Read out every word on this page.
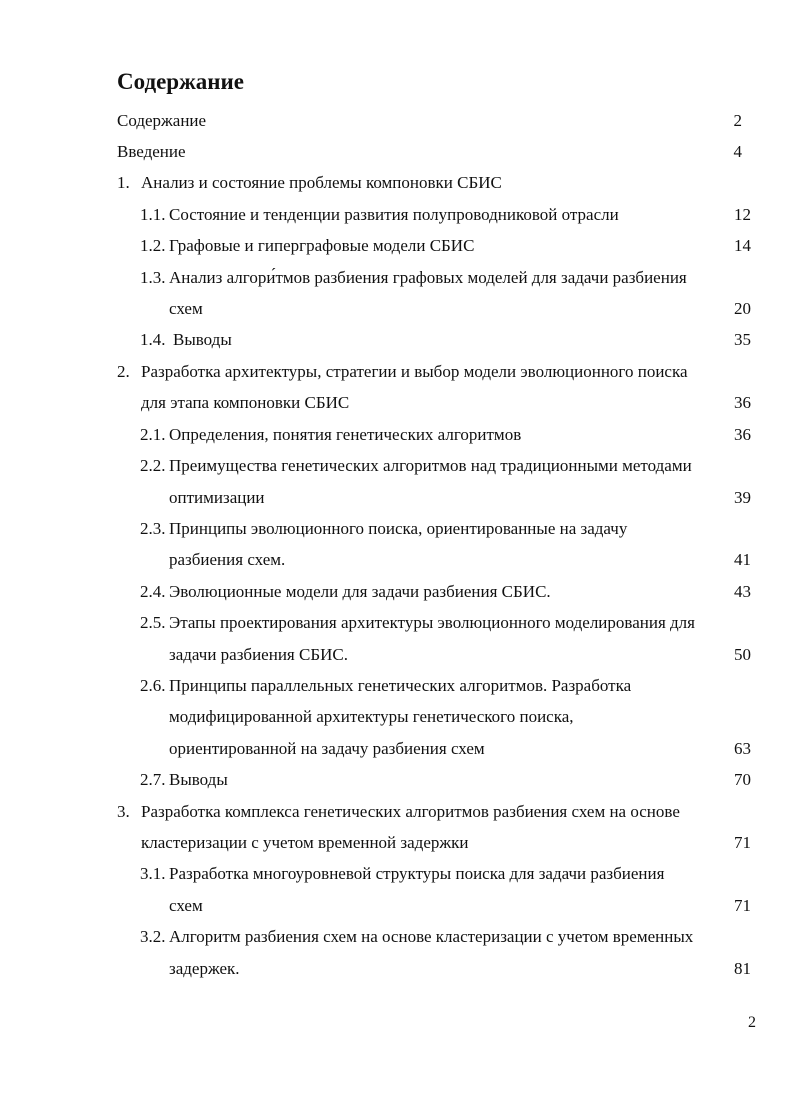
Содержание
Содержание	2
Введение	4
1. Анализ и состояние проблемы компоновки СБИС
1.1. Состояние и тенденции развития полупроводниковой отрасли	12
1.2. Графовые и гиперграфовые модели СБИС	14
1.3. Анализ алгори́тмов разбиения графовых моделей для задачи разбиения
схем	20
1.4. Выводы	35
2. Разработка архитектуры, стратегии и выбор модели эволюционного поиска
для этапа компоновки СБИС	36
2.1. Определения, понятия генетических алгоритмов	36
2.2. Преимущества генетических алгоритмов над традиционными методами
оптимизации	39
2.3. Принципы эволюционного поиска, ориентированные на задачу
разбиения схем.	41
2.4. Эволюционные модели для задачи разбиения СБИС.	43
2.5. Этапы проектирования архитектуры эволюционного моделирования для
задачи разбиения СБИС.	50
2.6. Принципы параллельных генетических алгоритмов. Разработка
модифицированной архитектуры генетического поиска,
ориентированной на задачу разбиения схем	63
2.7. Выводы	70
3. Разработка комплекса генетических алгоритмов разбиения схем на основе
кластеризации с учетом временной задержки	71
3.1. Разработка многоуровневой структуры поиска для задачи разбиения
схем	71
3.2. Алгоритм разбиения схем на основе кластеризации с учетом временных
задержек.	81
2
